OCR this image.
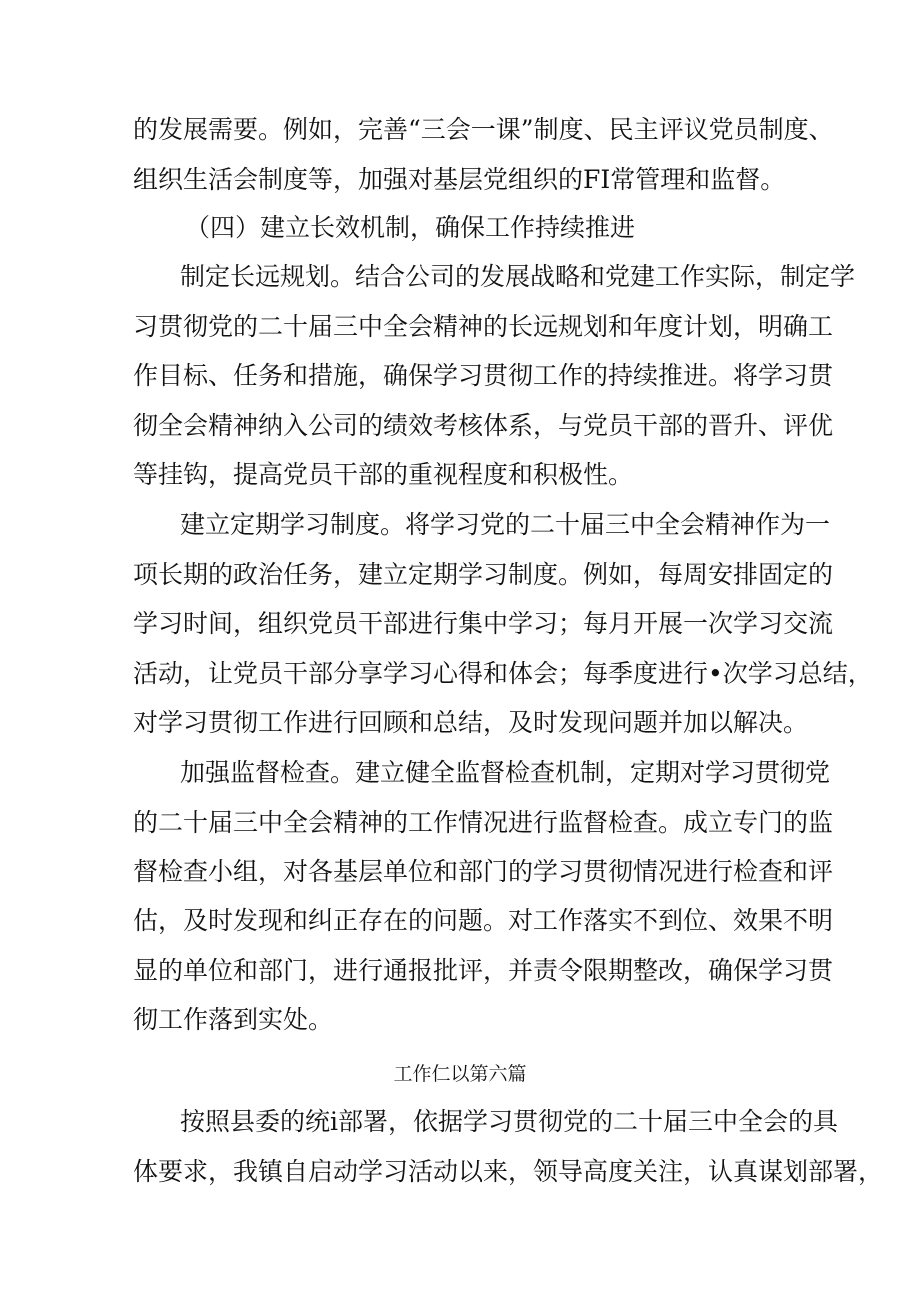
的发展需要。例如，完善“三会一课”制度、民主评议党员制度、
组织生活会制度等，加强对基层党组织的FI常管理和监督。
（四）建立长效机制，确保工作持续推进
制定长远规划。结合公司的发展战略和党建工作实际，制定学
习贯彻党的二十届三中全会精神的长远规划和年度计划，明确工
作目标、任务和措施，确保学习贯彻工作的持续推进。将学习贯
彻全会精神纳入公司的绩效考核体系，与党员干部的晋升、评优
等挂钩，提高党员干部的重视程度和积极性。
建立定期学习制度。将学习党的二十届三中全会精神作为一
项长期的政治任务，建立定期学习制度。例如，每周安排固定的
学习时间，组织党员干部进行集中学习；每月开展一次学习交流
活动，让党员干部分享学习心得和体会；每季度进行•次学习总结，
对学习贯彻工作进行回顾和总结，及时发现问题并加以解决。
加强监督检查。建立健全监督检查机制，定期对学习贯彻党
的二十届三中全会精神的工作情况进行监督检查。成立专门的监
督检查小组，对各基层单位和部门的学习贯彻情况进行检查和评
估，及时发现和纠正存在的问题。对工作落实不到位、效果不明
显的单位和部门，进行通报批评，并责令限期整改，确保学习贯
彻工作落到实处。
工作仁以第六篇
按照县委的统i部署，依据学习贯彻党的二十届三中全会的具
体要求，我镇自启动学习活动以来，领导高度关注，认真谋划部署，
